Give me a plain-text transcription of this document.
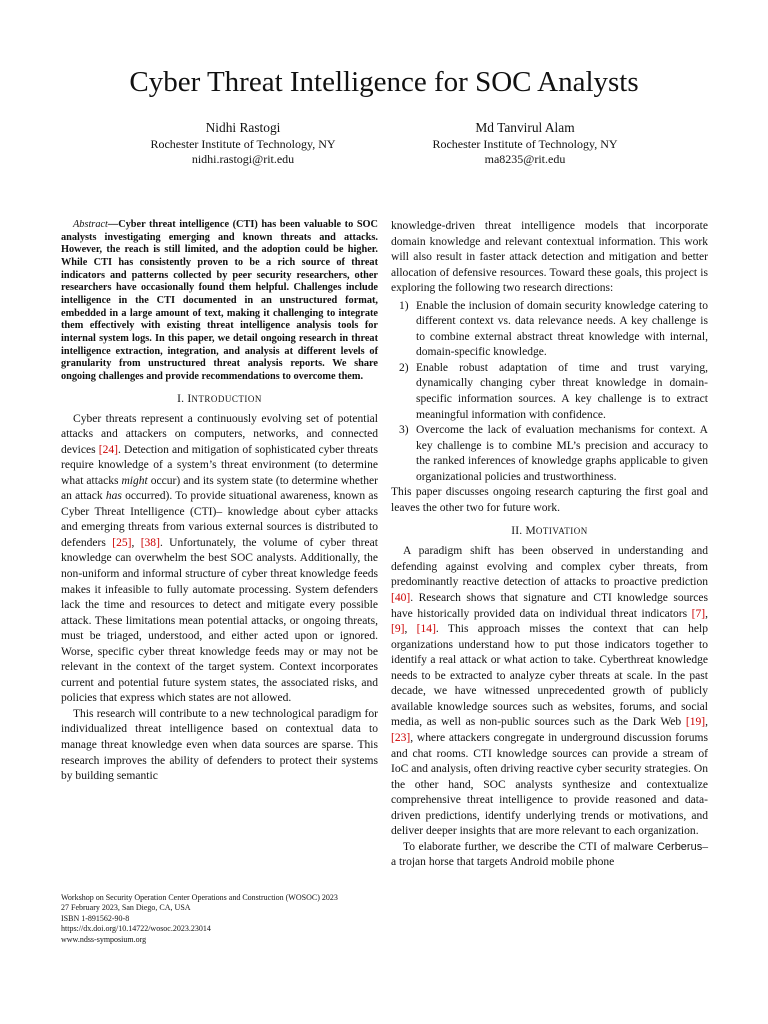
Cyber Threat Intelligence for SOC Analysts
Nidhi Rastogi
Rochester Institute of Technology, NY
nidhi.rastogi@rit.edu
Md Tanvirul Alam
Rochester Institute of Technology, NY
ma8235@rit.edu

Abstract—Cyber threat intelligence (CTI) has been valuable to SOC analysts investigating emerging and known threats and attacks. However, the reach is still limited, and the adoption could be higher. While CTI has consistently proven to be a rich source of threat indicators and patterns collected by peer security researchers, other researchers have occasionally found them helpful. Challenges include intelligence in the CTI documented in an unstructured format, embedded in a large amount of text, making it challenging to integrate them effectively with existing threat intelligence analysis tools for internal system logs. In this paper, we detail ongoing research in threat intelligence extraction, integration, and analysis at different levels of granularity from unstructured threat analysis reports. We share ongoing challenges and provide recommendations to overcome them.

I. INTRODUCTION

Cyber threats represent a continuously evolving set of potential attacks and attackers on computers, networks, and connected devices [24]. Detection and mitigation of sophisticated cyber threats require knowledge of a system’s threat environment (to determine what attacks might occur) and its system state (to determine whether an attack has occurred). To provide situational awareness, known as Cyber Threat Intelligence (CTI)– knowledge about cyber attacks and emerging threats from various external sources is distributed to defenders [25], [38]. Unfortunately, the volume of cyber threat knowledge can overwhelm the best SOC analysts. Additionally, the non-uniform and informal structure of cyber threat knowledge feeds makes it infeasible to fully automate processing. System defenders lack the time and resources to detect and mitigate every possible attack. These limitations mean potential attacks, or ongoing threats, must be triaged, understood, and either acted upon or ignored. Worse, specific cyber threat knowledge feeds may or may not be relevant in the context of the target system. Context incorporates current and potential future system states, the associated risks, and policies that express which states are not allowed.

This research will contribute to a new technological paradigm for individualized threat intelligence based on contextual data to manage threat knowledge even when data sources are sparse. This research improves the ability of defenders to protect their systems by building semantic

knowledge-driven threat intelligence models that incorporate domain knowledge and relevant contextual information. This work will also result in faster attack detection and mitigation and better allocation of defensive resources. Toward these goals, this project is exploring the following two research directions:

1) Enable the inclusion of domain security knowledge catering to different context vs. data relevance needs. A key challenge is to combine external abstract threat knowledge with internal, domain-specific knowledge.
2) Enable robust adaptation of time and trust varying, dynamically changing cyber threat knowledge in domain-specific information sources. A key challenge is to extract meaningful information with confidence.
3) Overcome the lack of evaluation mechanisms for context. A key challenge is to combine ML’s precision and accuracy to the ranked inferences of knowledge graphs applicable to given organizational policies and trustworthiness.

This paper discusses ongoing research capturing the first goal and leaves the other two for future work.

II. MOTIVATION

A paradigm shift has been observed in understanding and defending against evolving and complex cyber threats, from predominantly reactive detection of attacks to proactive prediction [40]. Research shows that signature and CTI knowledge sources have historically provided data on individual threat indicators [7], [9], [14]. This approach misses the context that can help organizations understand how to put those indicators together to identify a real attack or what action to take. Cyberthreat knowledge needs to be extracted to analyze cyber threats at scale. In the past decade, we have witnessed unprecedented growth of publicly available knowledge sources such as websites, forums, and social media, as well as non-public sources such as the Dark Web [19], [23], where attackers congregate in underground discussion forums and chat rooms. CTI knowledge sources can provide a stream of IoC and analysis, often driving reactive cyber security strategies. On the other hand, SOC analysts synthesize and contextualize comprehensive threat intelligence to provide reasoned and data-driven predictions, identify underlying trends or motivations, and deliver deeper insights that are more relevant to each organization.

To elaborate further, we describe the CTI of malware Cerberus– a trojan horse that targets Android mobile phone

Workshop on Security Operation Center Operations and Construction (WOSOC) 2023
27 February 2023, San Diego, CA, USA
ISBN 1-891562-90-8
https://dx.doi.org/10.14722/wosoc.2023.23014
www.ndss-symposium.org
